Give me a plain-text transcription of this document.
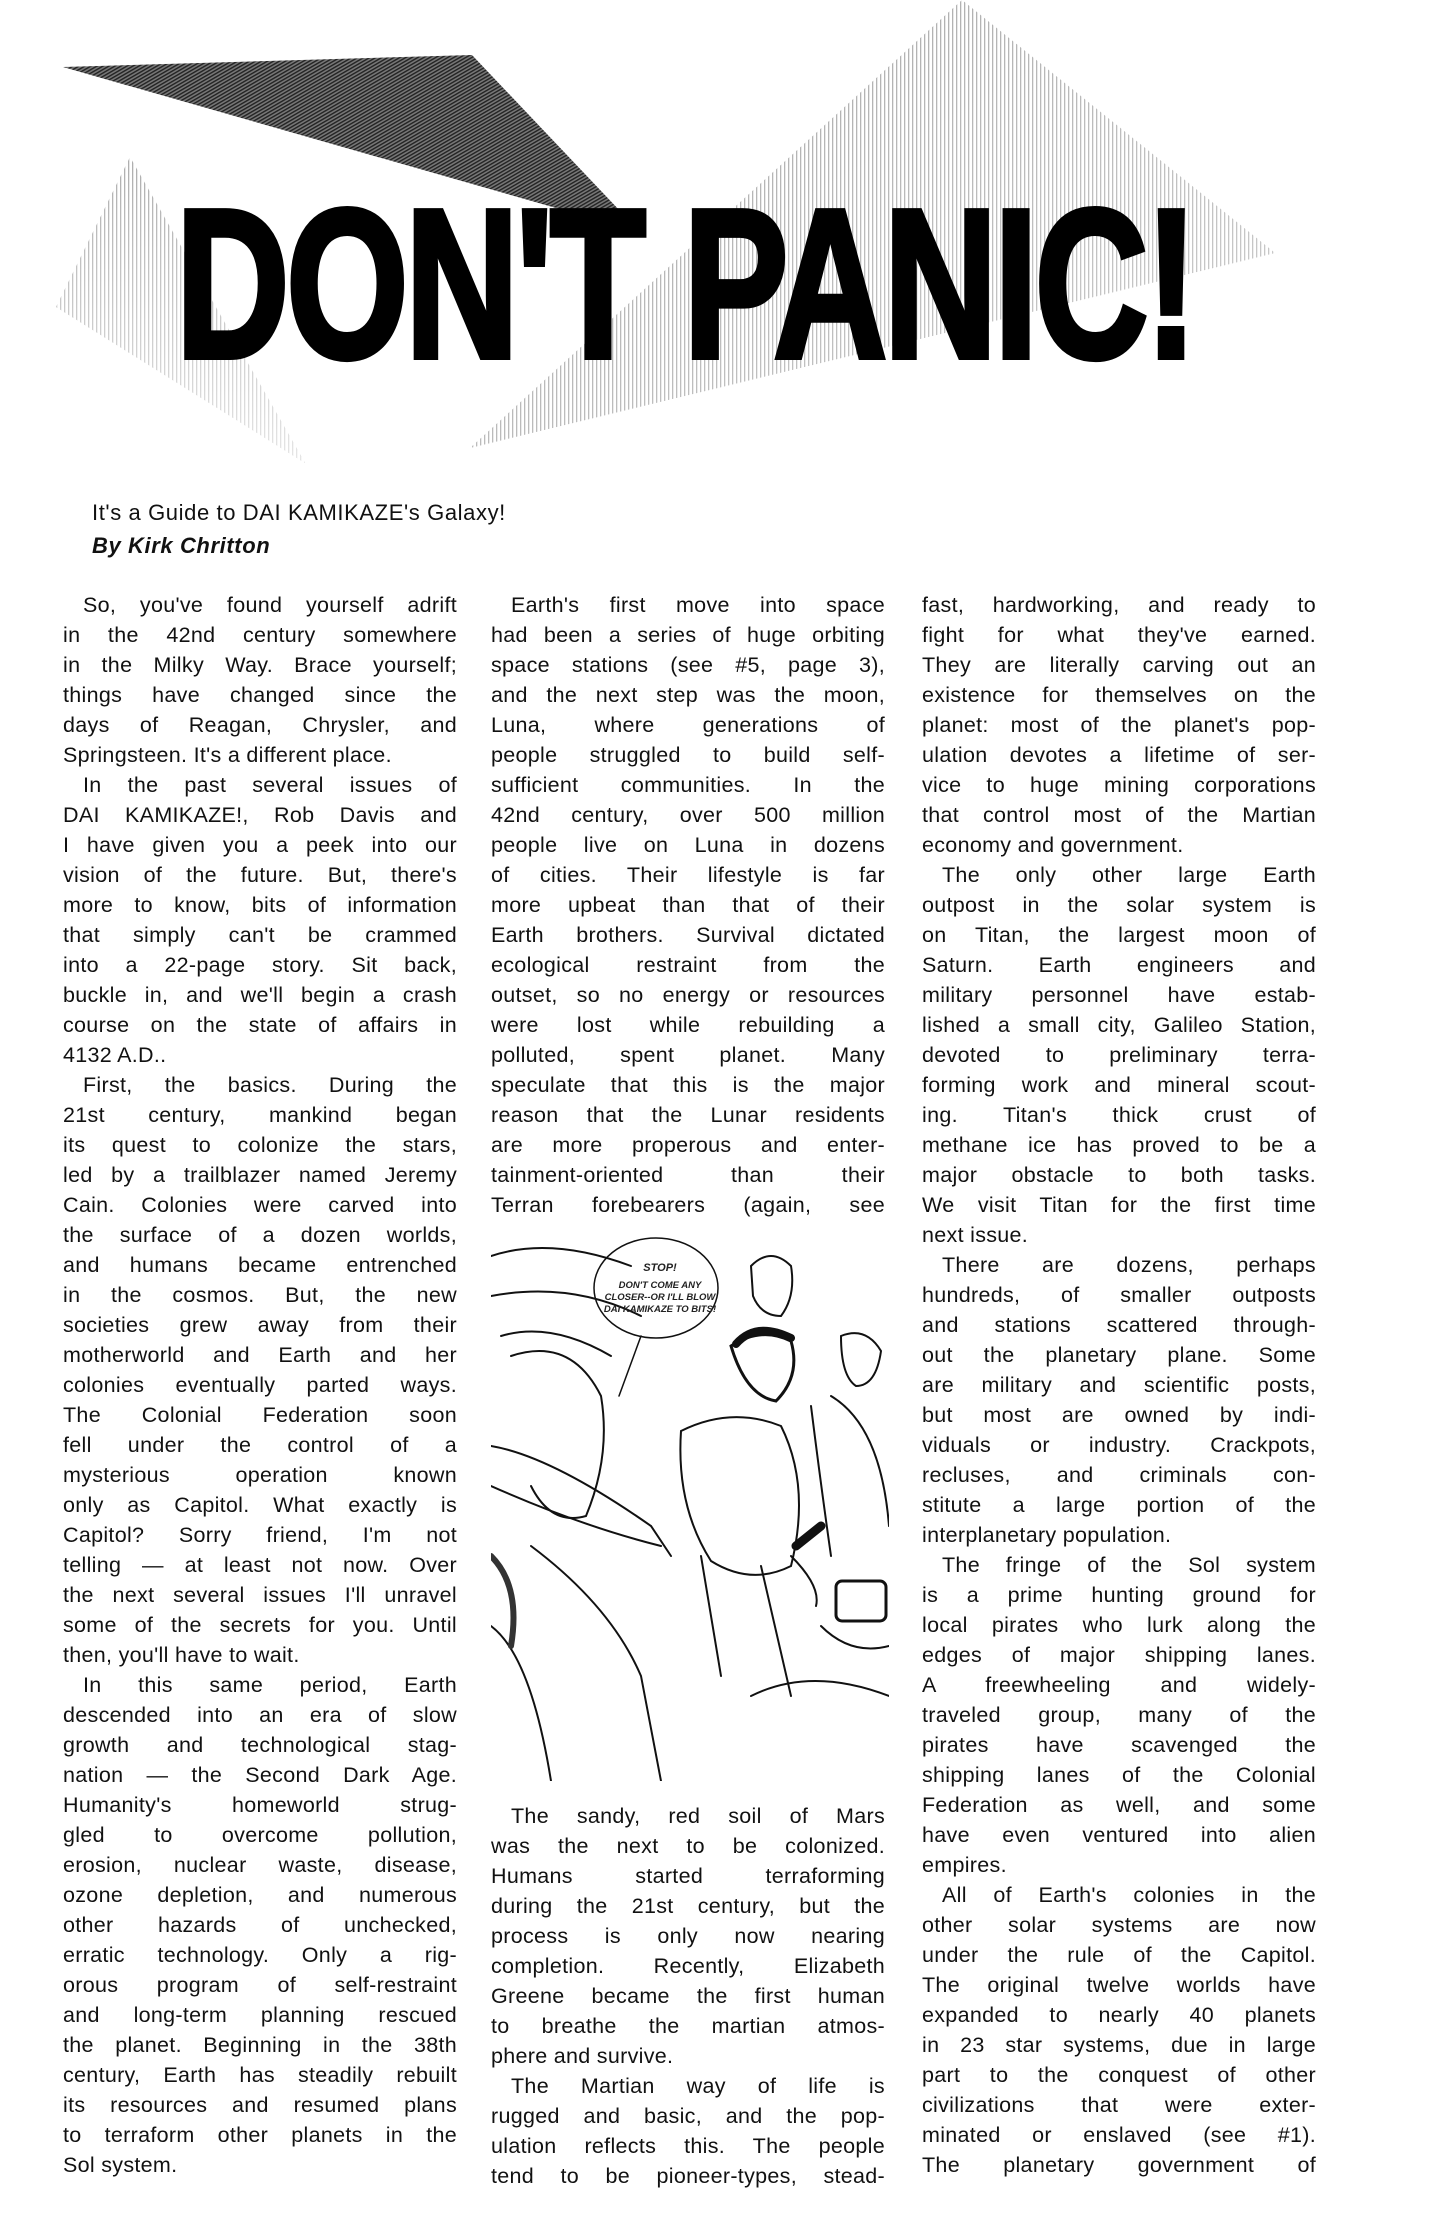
DON'T PANIC!
It's a Guide to DAI KAMIKAZE's Galaxy!
By Kirk Chritton
So, you've found yourself adrift
in the 42nd century somewhere
in the Milky Way. Brace yourself;
things have changed since the
days of Reagan, Chrysler, and
Springsteen. It's a different place.
In the past several issues of
DAI KAMIKAZE!, Rob Davis and
I have given you a peek into our
vision of the future. But, there's
more to know, bits of information
that simply can't be crammed
into a 22-page story. Sit back,
buckle in, and we'll begin a crash
course on the state of affairs in
4132 A.D..
First, the basics. During the
21st century, mankind began
its quest to colonize the stars,
led by a trailblazer named Jeremy
Cain. Colonies were carved into
the surface of a dozen worlds,
and humans became entrenched
in the cosmos. But, the new
societies grew away from their
motherworld and Earth and her
colonies eventually parted ways.
The Colonial Federation soon
fell under the control of a
mysterious operation known
only as Capitol. What exactly is
Capitol? Sorry friend, I'm not
telling — at least not now. Over
the next several issues I'll unravel
some of the secrets for you. Until
then, you'll have to wait.
In this same period, Earth
descended into an era of slow
growth and technological stag-
nation — the Second Dark Age.
Humanity's homeworld strug-
gled to overcome pollution,
erosion, nuclear waste, disease,
ozone depletion, and numerous
other hazards of unchecked,
erratic technology. Only a rig-
orous program of self-restraint
and long-term planning rescued
the planet. Beginning in the 38th
century, Earth has steadily rebuilt
its resources and resumed plans
to terraform other planets in the
Sol system.
Earth's first move into space
had been a series of huge orbiting
space stations (see #5, page 3),
and the next step was the moon,
Luna, where generations of
people struggled to build self-
sufficient communities. In the
42nd century, over 500 million
people live on Luna in dozens
of cities. Their lifestyle is far
more upbeat than that of their
Earth brothers. Survival dictated
ecological restraint from the
outset, so no energy or resources
were lost while rebuilding a
polluted, spent planet. Many
speculate that this is the major
reason that the Lunar residents
are more properous and enter-
tainment-oriented than their
Terran forebearers (again, see
STOP!
DON'T COME ANY CLOSER--OR I'LL BLOW DAI KAMIKAZE TO BITS!
The sandy, red soil of Mars
was the next to be colonized.
Humans started terraforming
during the 21st century, but the
process is only now nearing
completion. Recently, Elizabeth
Greene became the first human
to breathe the martian atmos-
phere and survive.
The Martian way of life is
rugged and basic, and the pop-
ulation reflects this. The people
tend to be pioneer-types, stead-
fast, hardworking, and ready to
fight for what they've earned.
They are literally carving out an
existence for themselves on the
planet: most of the planet's pop-
ulation devotes a lifetime of ser-
vice to huge mining corporations
that control most of the Martian
economy and government.
The only other large Earth
outpost in the solar system is
on Titan, the largest moon of
Saturn. Earth engineers and
military personnel have estab-
lished a small city, Galileo Station,
devoted to preliminary terra-
forming work and mineral scout-
ing. Titan's thick crust of
methane ice has proved to be a
major obstacle to both tasks.
We visit Titan for the first time
next issue.
There are dozens, perhaps
hundreds, of smaller outposts
and stations scattered through-
out the planetary plane. Some
are military and scientific posts,
but most are owned by indi-
viduals or industry. Crackpots,
recluses, and criminals con-
stitute a large portion of the
interplanetary population.
The fringe of the Sol system
is a prime hunting ground for
local pirates who lurk along the
edges of major shipping lanes.
A freewheeling and widely-
traveled group, many of the
pirates have scavenged the
shipping lanes of the Colonial
Federation as well, and some
have even ventured into alien
empires.
All of Earth's colonies in the
other solar systems are now
under the rule of the Capitol.
The original twelve worlds have
expanded to nearly 40 planets
in 23 star systems, due in large
part to the conquest of other
civilizations that were exter-
minated or enslaved (see #1).
The planetary government of
